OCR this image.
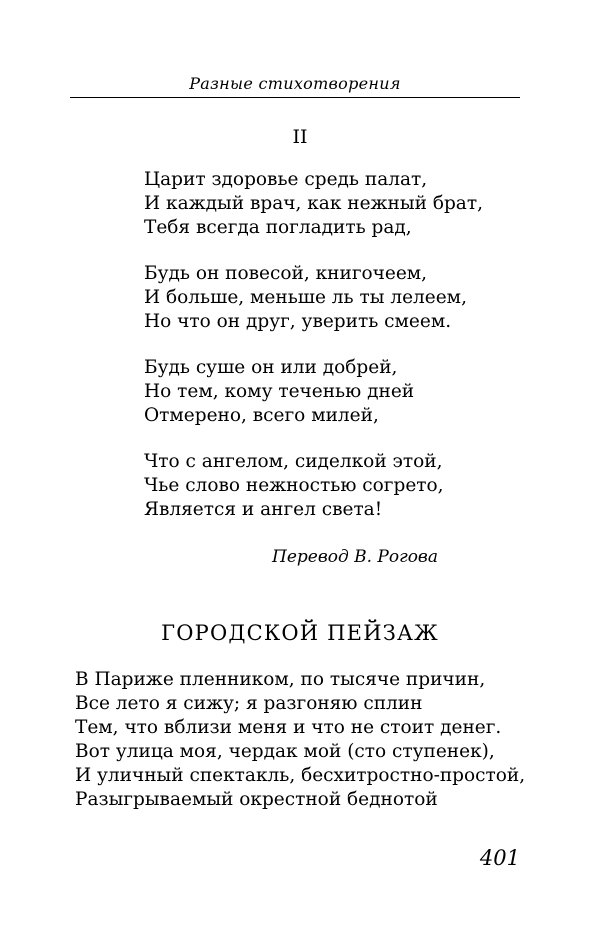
Разные стихотворения
II
Царит здоровье средь палат,
И каждый врач, как нежный брат,
Тебя всегда погладить рад,
Будь он повесой, книгочеем,
И больше, меньше ль ты лелеем,
Но что он друг, уверить смеем.
Будь суше он или добрей,
Но тем, кому теченью дней
Отмерено, всего милей,
Что с ангелом, сиделкой этой,
Чье слово нежностью согрето,
Является и ангел света!
Перевод В. Рогова
ГОРОДСКОЙ ПЕЙЗАЖ
В Париже пленником, по тысяче причин,
Все лето я сижу; я разгоняю сплин
Тем, что вблизи меня и что не стоит денег.
Вот улица моя, чердак мой (сто ступенек),
И уличный спектакль, бесхитростно-простой,
Разыгрываемый окрестной беднотой
401
